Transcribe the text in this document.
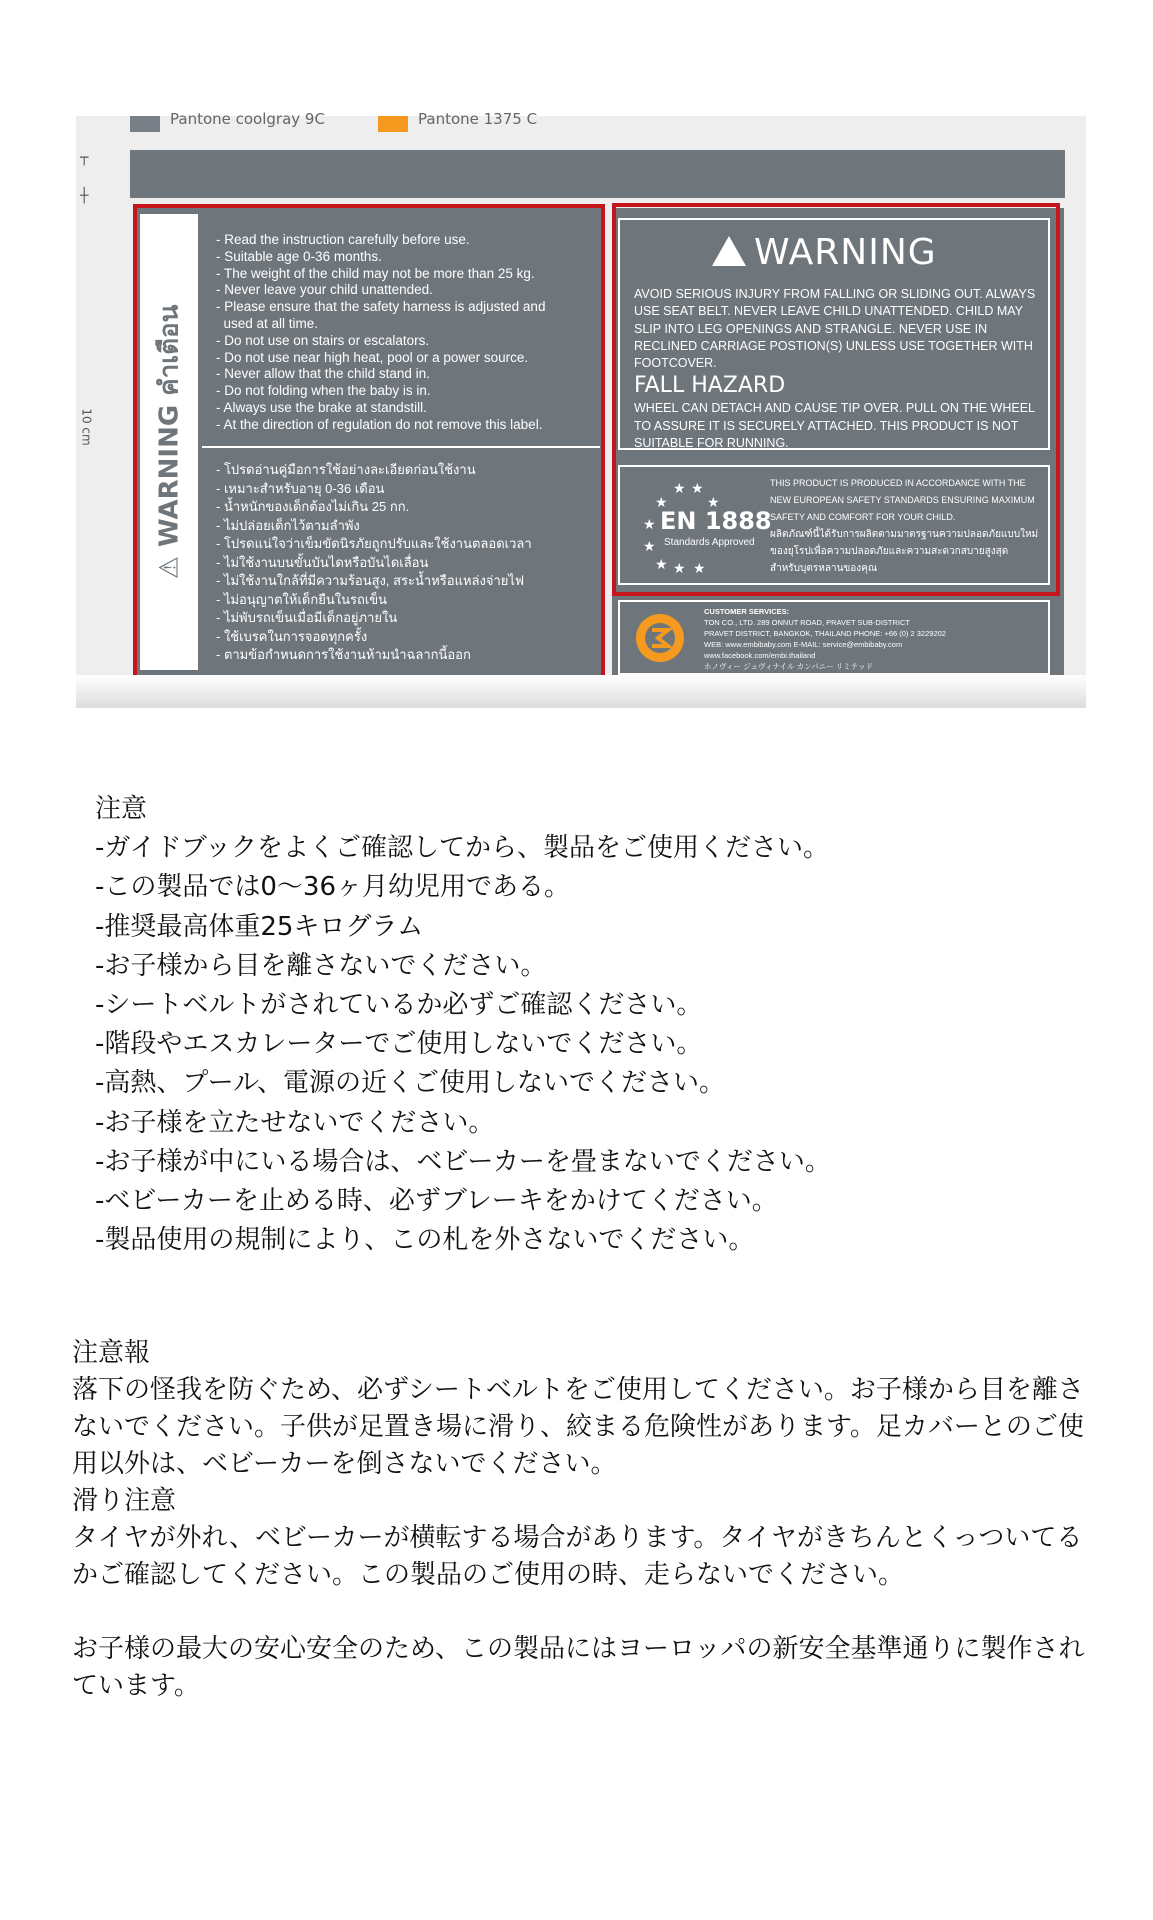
Pantone coolgray 9C	Pantone 1375 C
┬
┼
10 cm ⚠ WARNING คำเตือน
- Read the instruction carefully before use.
- Suitable age 0-36 months.
- The weight of the child may not be more than 25 kg.
- Never leave your child unattended.
- Please ensure that the safety harness is adjusted and
used at all time.
- Do not use on stairs or escalators.
- Do not use near high heat, pool or a power source.
- Never allow that the child stand in.
- Do not folding when the baby is in.
- Always use the brake at standstill.
- At the direction of regulation do not remove this label.
- โปรดอ่านคู่มือการใช้อย่างละเอียดก่อนใช้งาน
- เหมาะสำหรับอายุ 0-36 เดือน
- น้ำหนักของเด็กต้องไม่เกิน 25 กก.
- ไม่ปล่อยเด็กไว้ตามลำพัง
- โปรดแน่ใจว่าเข็มขัดนิรภัยถูกปรับและใช้งานตลอดเวลา
- ไม่ใช้งานบนขั้นบันไดหรือบันไดเลื่อน
- ไม่ใช้งานใกล้ที่มีความร้อนสูง, สระน้ำหรือแหล่งจ่ายไฟ
- ไม่อนุญาตให้เด็กยืนในรถเข็น
- ไม่พับรถเข็นเมื่อมีเด็กอยู่ภายใน
- ใช้เบรคในการจอดทุกครั้ง
- ตามข้อกำหนดการใช้งานห้ามนำฉลากนี้ออก
WARNING
AVOID SERIOUS INJURY FROM FALLING OR SLIDING OUT. ALWAYS USE SEAT BELT. NEVER LEAVE CHILD UNATTENDED. CHILD MAY SLIP INTO LEG OPENINGS AND STRANGLE. NEVER USE IN RECLINED CARRIAGE POSTION(S) UNLESS USE TOGETHER WITH FOOTCOVER.
FALL HAZARD
WHEEL CAN DETACH AND CAUSE TIP OVER. PULL ON THE WHEEL TO ASSURE IT IS SECURELY ATTACHED. THIS PRODUCT IS NOT SUITABLE FOR RUNNING.
★ ★
★	★
★
★
★ ★ ★
EN 1888
Standards Approved
THIS PRODUCT IS PRODUCED IN ACCORDANCE WITH THE
NEW EUROPEAN SAFETY STANDARDS ENSURING MAXIMUM
SAFETY AND COMFORT FOR YOUR CHILD.
ผลิตภัณฑ์นี้ได้รับการผลิตตามมาตรฐานความปลอดภัยแบบใหม่
ของยุโรปเพื่อความปลอดภัยและความสะดวกสบายสูงสุด
สำหรับบุตรหลานของคุณ
CUSTOMER SERVICES:
TON CO., LTD. 289 ONNUT ROAD, PRAVET SUB-DISTRICT
PRAVET DISTRICT, BANGKOK, THAILAND PHONE: +66 (0) 2 3229202
WEB: www.embibaby.com E-MAIL: service@embibaby.com
www.facebook.com/embi.thailand
ホノヴィー ジュヴィナイル カンパニー リミテッド
注意
-ガイドブックをよくご確認してから、製品をご使用ください。
-この製品では0～36ヶ月幼児用である。
-推奨最高体重25キログラム
-お子様から目を離さないでください。
-シートベルトがされているか必ずご確認ください。
-階段やエスカレーターでご使用しないでください。
-高熱、プール、電源の近くご使用しないでください。
-お子様を立たせないでください。
-お子様が中にいる場合は、ベビーカーを畳まないでください。
-ベビーカーを止める時、必ずブレーキをかけてください。
-製品使用の規制により、この札を外さないでください。
注意報
落下の怪我を防ぐため、必ずシートベルトをご使用してください。お子様から目を離さないでください。子供が足置き場に滑り、絞まる危険性があります。足カバーとのご使用以外は、ベビーカーを倒さないでください。
滑り注意
タイヤが外れ、ベビーカーが横転する場合があります。タイヤがきちんとくっついてるかご確認してください。この製品のご使用の時、走らないでください。
お子様の最大の安心安全のため、この製品にはヨーロッパの新安全基準通りに製作されています。
